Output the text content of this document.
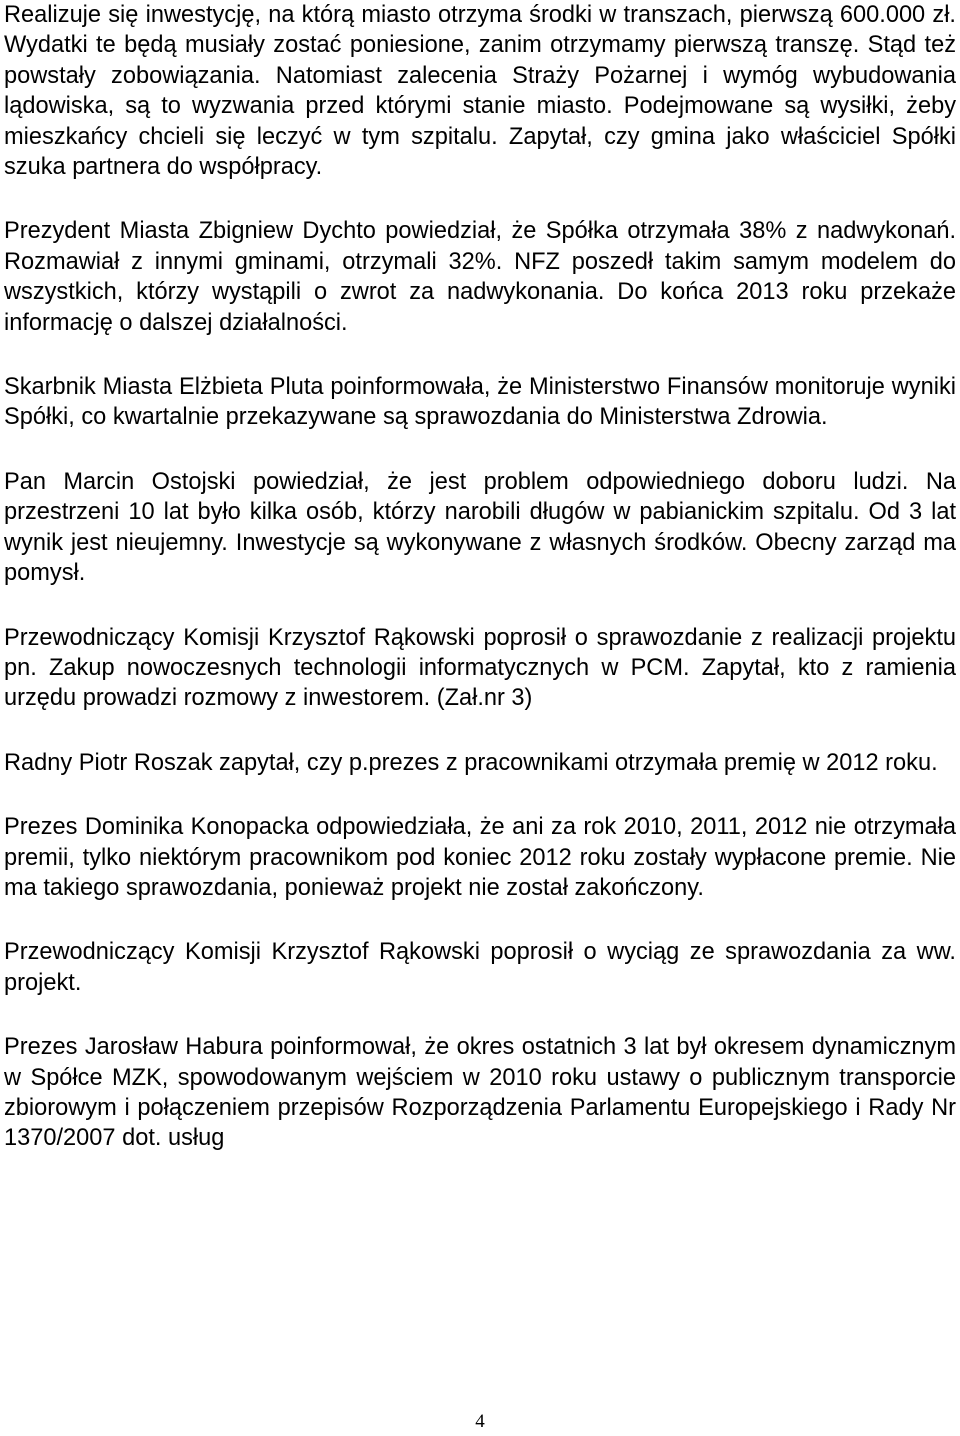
Realizuje się inwestycję, na którą miasto otrzyma środki w transzach, pierwszą 600.000 zł. Wydatki te będą musiały zostać poniesione, zanim otrzymamy pierwszą transzę. Stąd też powstały zobowiązania. Natomiast zalecenia Straży Pożarnej i wymóg wybudowania lądowiska, są to wyzwania przed którymi stanie miasto. Podejmowane są wysiłki, żeby mieszkańcy chcieli się leczyć w tym szpitalu. Zapytał, czy gmina jako właściciel Spółki szuka partnera do współpracy.

Prezydent Miasta Zbigniew Dychto powiedział, że Spółka otrzymała 38% z nadwykonań. Rozmawiał z innymi gminami, otrzymali 32%. NFZ poszedł takim samym modelem do wszystkich, którzy wystąpili o zwrot za nadwykonania. Do końca 2013 roku przekaże informację o dalszej działalności.

Skarbnik Miasta Elżbieta Pluta poinformowała, że Ministerstwo Finansów monitoruje wyniki Spółki, co kwartalnie przekazywane są sprawozdania do Ministerstwa Zdrowia.

Pan Marcin Ostojski powiedział, że jest problem odpowiedniego doboru ludzi. Na przestrzeni 10 lat było kilka osób, którzy narobili długów w pabianickim szpitalu. Od 3 lat wynik jest nieujemny. Inwestycje są wykonywane z własnych środków. Obecny zarząd ma pomysł.

Przewodniczący Komisji Krzysztof Rąkowski poprosił o sprawozdanie z realizacji projektu pn. Zakup nowoczesnych technologii informatycznych w PCM. Zapytał, kto z ramienia urzędu prowadzi rozmowy z inwestorem. (Zał.nr 3)

Radny Piotr Roszak zapytał, czy p.prezes z pracownikami otrzymała premię w 2012 roku.

Prezes Dominika Konopacka odpowiedziała, że ani za rok 2010, 2011, 2012 nie otrzymała premii, tylko niektórym pracownikom pod koniec 2012 roku zostały wypłacone premie. Nie ma takiego sprawozdania, ponieważ projekt nie został zakończony.

Przewodniczący Komisji Krzysztof Rąkowski poprosił o wyciąg ze sprawozdania za ww. projekt.

Prezes Jarosław Habura poinformował, że okres ostatnich 3 lat był okresem dynamicznym w Spółce MZK, spowodowanym wejściem w 2010 roku ustawy o publicznym transporcie zbiorowym i połączeniem przepisów Rozporządzenia Parlamentu Europejskiego i Rady Nr 1370/2007 dot. usług

4
